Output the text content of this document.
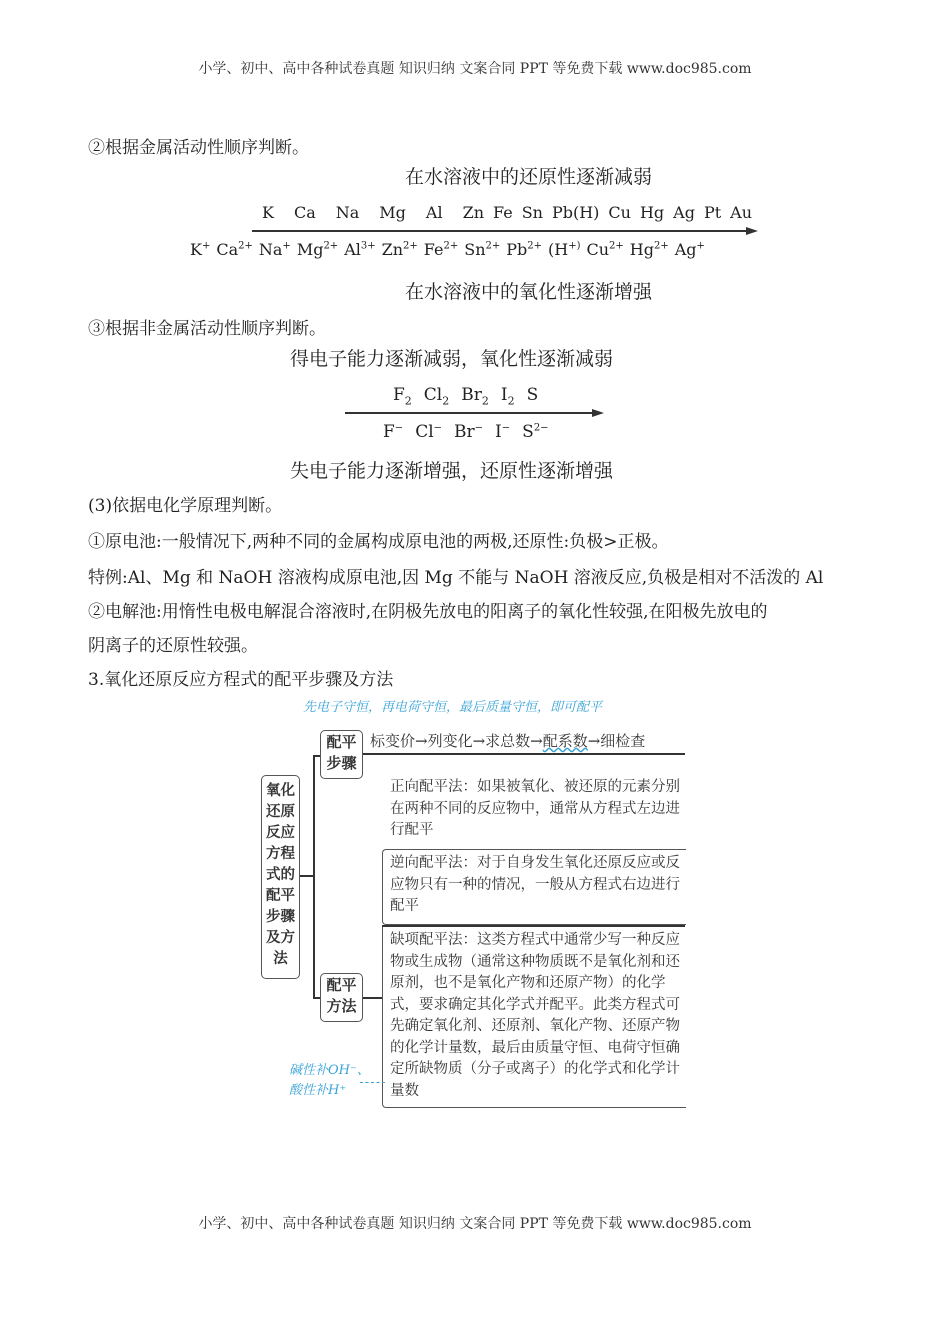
小学、初中、高中各种试卷真题 知识归纳 文案合同 PPT 等免费下载 www.doc985.com
②根据金属活动性顺序判断。
在水溶液中的还原性逐渐减弱
K Ca Na Mg Al Zn Fe Sn Pb(H) Cu Hg Ag Pt Au
K+ $Ca^{2+}$ Na+ $Mg^{2+}$ $Al^{3+}$ $Zn^{2+}$ $Fe^{2+}$ $Sn^{2+}$ $Pb^{2+}$ (H+) $Cu^{2+}$ $Hg^{2+}$ Ag+
在水溶液中的氧化性逐渐增强
③根据非金属活动性顺序判断。
得电子能力逐渐减弱，氧化性逐渐减弱
$F_2$ $Cl_2$ $Br_2$ $I_2$ S
F− Cl− Br− I− $S^{2-}$
失电子能力逐渐增强，还原性逐渐增强
(3)依据电化学原理判断。
①原电池:一般情况下,两种不同的金属构成原电池的两极,还原性:负极>正极。
特例:Al、Mg 和 NaOH 溶液构成原电池,因 Mg 不能与 NaOH 溶液反应,负极是相对不活泼的 Al
②电解池:用惰性电极电解混合溶液时,在阴极先放电的阳离子的氧化性较强,在阳极先放电的
阴离子的还原性较强。
3.氧化还原反应方程式的配平步骤及方法
先电子守恒，再电荷守恒，最后质量守恒，即可配平
氧化还原反应方程式的配平步骤及方法
配平步骤
标变价→列变化→求总数→配系数→细检查
配平方法
正向配平法：如果被氧化、被还原的元素分别在两种不同的反应物中，通常从方程式左边进行配平
逆向配平法：对于自身发生氧化还原反应或反应物只有一种的情况，一般从方程式右边进行配平
缺项配平法：这类方程式中通常少写一种反应物或生成物（通常这种物质既不是氧化剂和还原剂，也不是氧化产物和还原产物）的化学式，要求确定其化学式并配平。此类方程式可先确定氧化剂、还原剂、氧化产物、还原产物的化学计量数，最后由质量守恒、电荷守恒确定所缺物质（分子或离子）的化学式和化学计量数
碱性补OH⁻、
酸性补H⁺
小学、初中、高中各种试卷真题 知识归纳 文案合同 PPT 等免费下载 www.doc985.com
